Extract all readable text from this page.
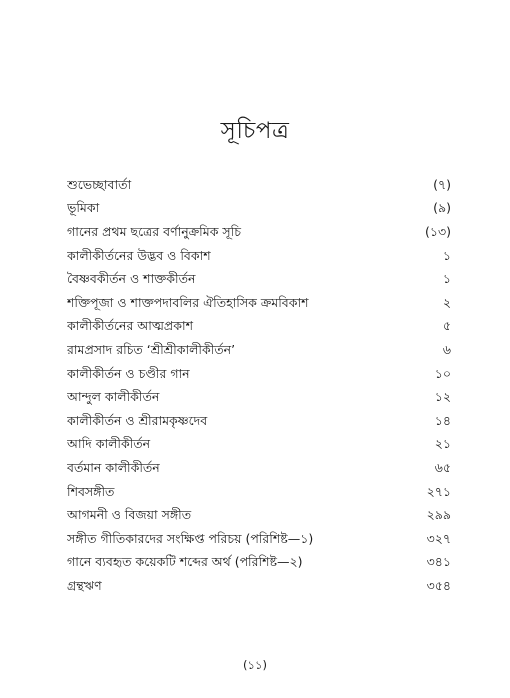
সূচিপত্র
শুভেচ্ছাবার্তা	(৭)
ভূমিকা	(৯)
গানের প্রথম ছত্রের বর্ণানুক্রমিক সূচি	(১৩)
কালীকীর্তনের উদ্ভব ও বিকাশ	১
বৈষ্ণবকীর্তন ও শাক্তকীর্তন	১
শক্তিপূজা ও শাক্তপদাবলির ঐতিহাসিক ক্রমবিকাশ	২
কালীকীর্তনের আত্মপ্রকাশ	৫
রামপ্রসাদ রচিত ‘শ্রীশ্রীকালীকীর্তন’	৬
কালীকীর্তন ও চণ্ডীর গান	১০
আন্দুল কালীকীর্তন	১২
কালীকীর্তন ও শ্রীরামকৃষ্ণদেব	১৪
আদি কালীকীর্তন	২১
বর্তমান কালীকীর্তন	৬৫
শিবসঙ্গীত	২৭১
আগমনী ও বিজয়া সঙ্গীত	২৯৯
সঙ্গীত গীতিকারদের সংক্ষিপ্ত পরিচয় (পরিশিষ্ট—১)	৩২৭
গানে ব্যবহৃত কয়েকটি শব্দের অর্থ (পরিশিষ্ট—২)	৩৪১
গ্রন্থঋণ	৩৫৪
(১১)
